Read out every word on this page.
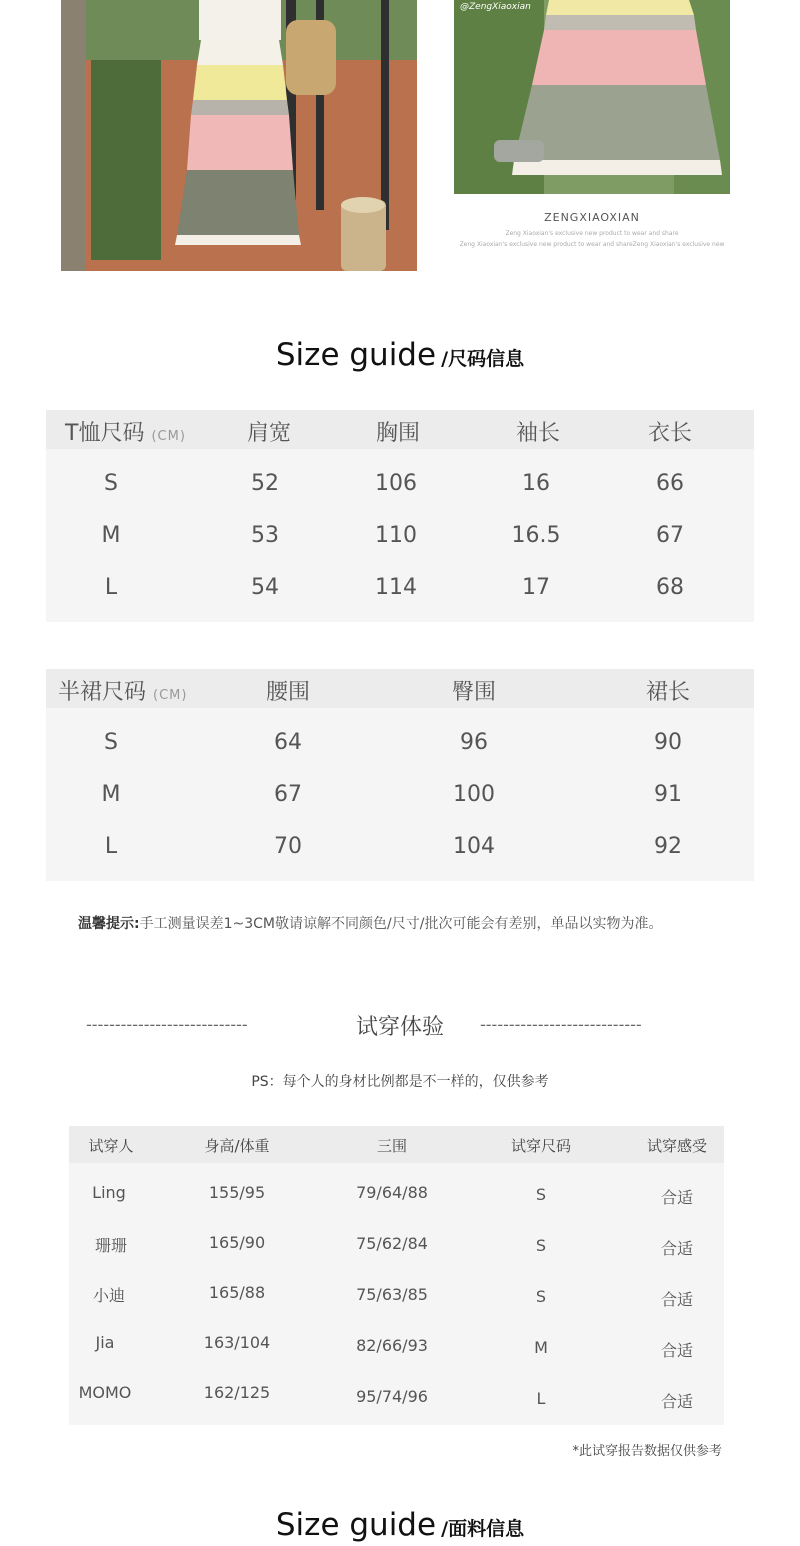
@ZengXiaoxian
ZENGXIAOXIAN
Zeng Xiaoxian's exclusive new product to wear and share
Zeng Xiaoxian's exclusive new product to wear and shareZeng Xiaoxian's exclusive new
Size guide /尺码信息
T恤尺码 (CM)	肩宽	胸围	袖长	衣长
S	52	106	16	66
M	53	110	16.5	67
L	54	114	17	68
半裙尺码 (CM)	腰围	臀围	裙长
S	64	96	90
M	67	100	91
L	70	104	92
温馨提示:手工测量误差1~3CM敬请谅解不同颜色/尺寸/批次可能会有差别，单品以实物为准。
----------------------------	----------------------------
试穿体验
PS：每个人的身材比例都是不一样的，仅供参考
试穿人	身高/体重	三围	试穿尺码	试穿感受
Ling	155/95	79/64/88	S	合适
珊珊	165/90	75/62/84	S	合适
小迪	165/88	75/63/85	S	合适
Jia	163/104	82/66/93	M	合适
MOMO	162/125	95/74/96	L	合适
*此试穿报告数据仅供参考
Size guide /面料信息
